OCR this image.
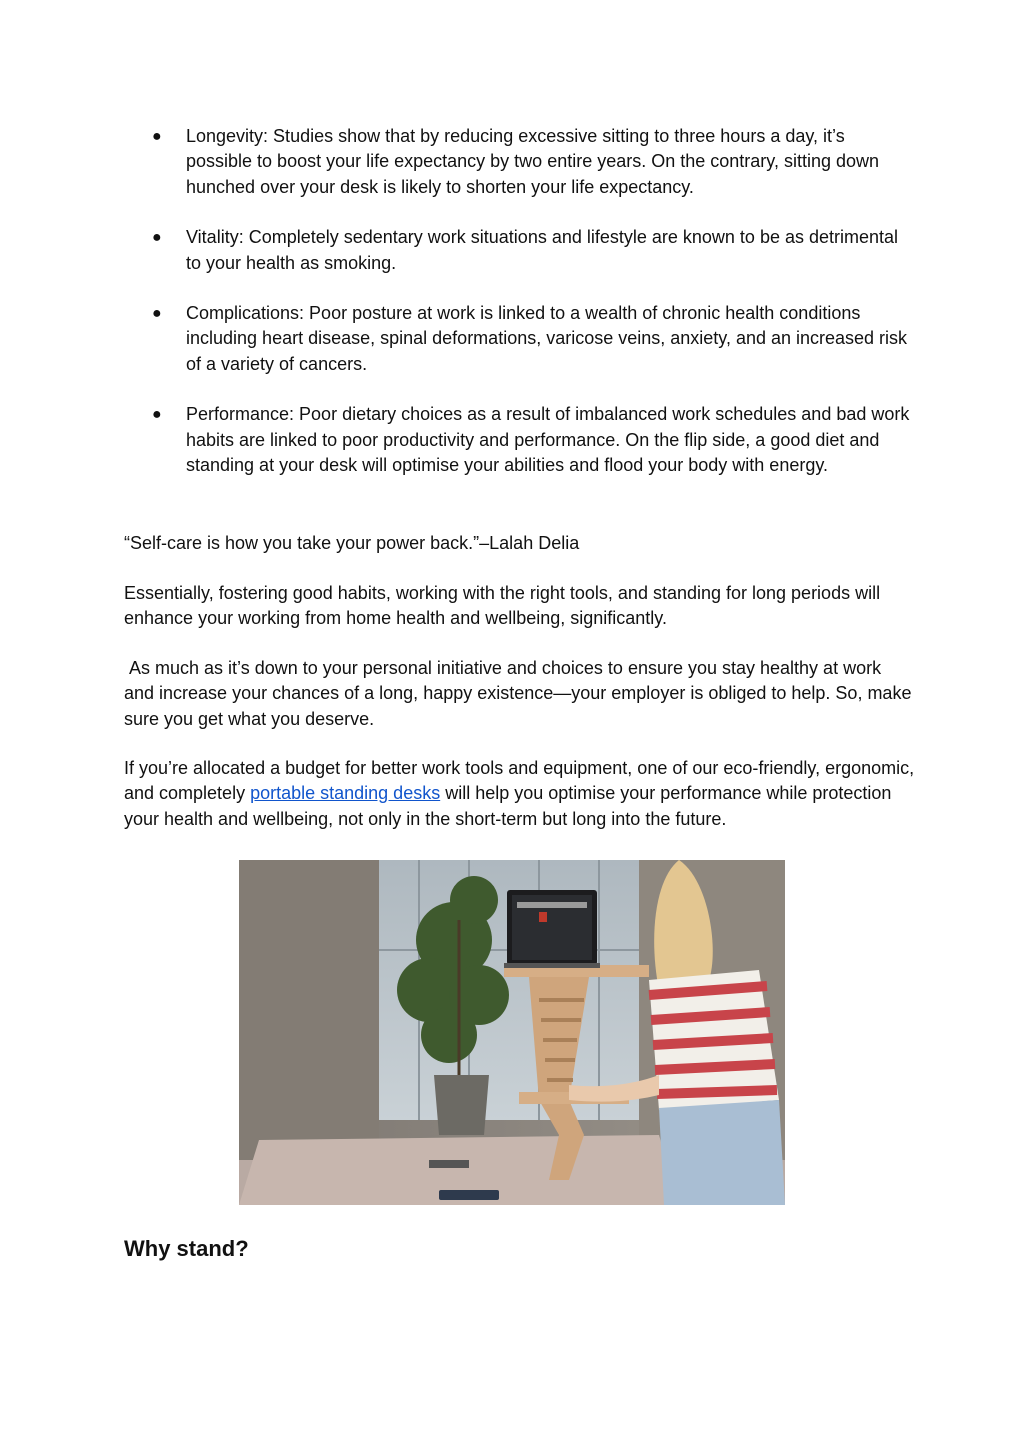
● Longevity: Studies show that by reducing excessive sitting to three hours a day, it’s possible to boost your life expectancy by two entire years. On the contrary, sitting down hunched over your desk is likely to shorten your life expectancy.
● Vitality: Completely sedentary work situations and lifestyle are known to be as detrimental to your health as smoking.
● Complications: Poor posture at work is linked to a wealth of chronic health conditions including heart disease, spinal deformations, varicose veins, anxiety, and an increased risk of a variety of cancers.
● Performance: Poor dietary choices as a result of imbalanced work schedules and bad work habits are linked to poor productivity and performance. On the flip side, a good diet and standing at your desk will optimise your abilities and flood your body with energy.

“Self-care is how you take your power back.”–Lalah Delia

Essentially, fostering good habits, working with the right tools, and standing for long periods will enhance your working from home health and wellbeing, significantly.

As much as it’s down to your personal initiative and choices to ensure you stay healthy at work and increase your chances of a long, happy existence—your employer is obliged to help. So, make sure you get what you deserve.

If you’re allocated a budget for better work tools and equipment, one of our eco-friendly, ergonomic, and completely portable standing desks will help you optimise your performance while protection your health and wellbeing, not only in the short-term but long into the future.

Why stand?
